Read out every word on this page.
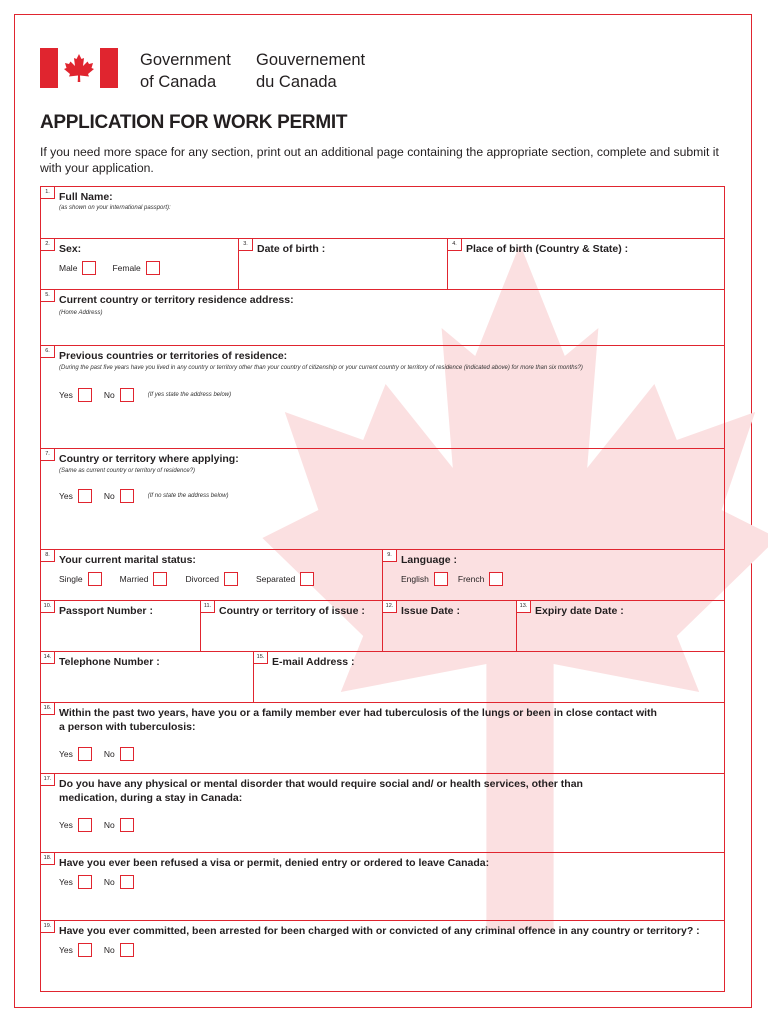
Government
of Canada
Gouvernement
du Canada
APPLICATION FOR WORK PERMIT

If you need more space for any section, print out an additional page containing the appropriate section, complete and submit it with your application.

1. Full Name:
(as shown on your international passport):
2. Sex:
Male	Female
3. Date of birth :	4. Place of birth (Country & State) :
5. Current country or territory residence address:
(Home Address)
6. Previous countries or territories of residence:
(During the past five years have you lived in any country or territory other than your country of citizenship or your current country or territory of residence (indicated above) for more than six months?)
Yes	No	(If yes state the address below)
7. Country or territory where applying:
(Same as current country or territory of residence?)
Yes	No	(If no state the address below)
8. Your current marital status:
Single	Married	Divorced	Separated
9. Language :
English	French
10. Passport Number :	11. Country or territory of issue :	12. Issue Date :	13. Expiry date Date :
14. Telephone Number :	15. E-mail Address :
16. Within the past two years, have you or a family member ever had tuberculosis of the lungs or been in close contact with a person with tuberculosis:
Yes	No
17. Do you have any physical or mental disorder that would require social and/ or health services, other than medication, during a stay in Canada:
Yes	No
18. Have you ever been refused a visa or permit, denied entry or ordered to leave Canada:
Yes	No
19. Have you ever committed, been arrested for been charged with or convicted of any criminal offence in any country or territory? :
Yes	No
